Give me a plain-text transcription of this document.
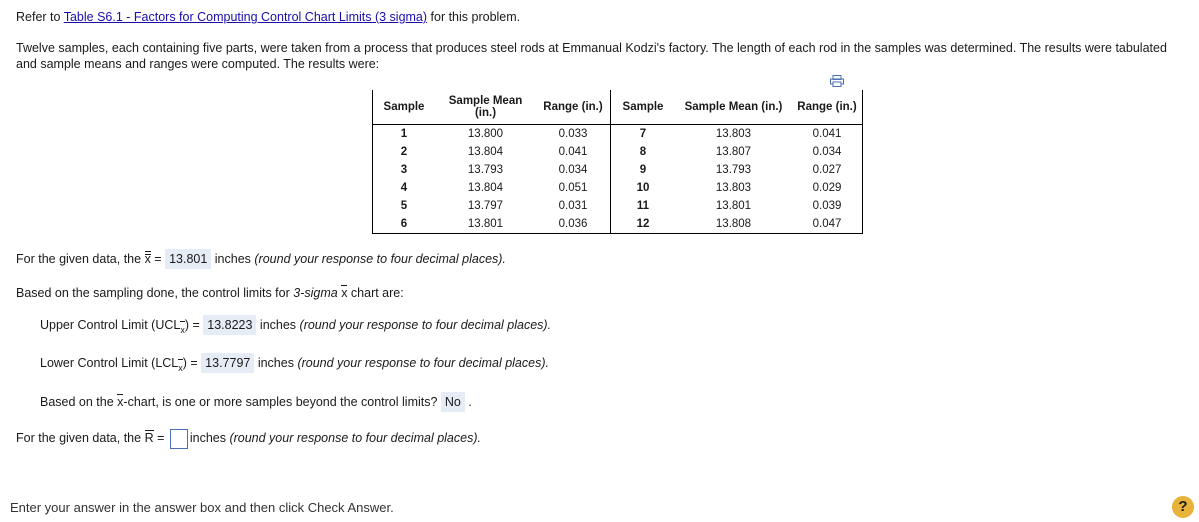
Refer to Table S6.1 - Factors for Computing Control Chart Limits (3 sigma) for this problem.
Twelve samples, each containing five parts, were taken from a process that produces steel rods at Emmanual Kodzi's factory. The length of each rod in the samples was determined. The results were tabulated and sample means and ranges were computed. The results were:
Sample	Sample Mean (in.)	Range (in.)	Sample	Sample Mean (in.)	Range (in.)
1	13.800	0.033	7	13.803	0.041
2	13.804	0.041	8	13.807	0.034
3	13.793	0.034	9	13.793	0.027
4	13.804	0.051	10	13.803	0.029
5	13.797	0.031	11	13.801	0.039
6	13.801	0.036	12	13.808	0.047
For the given data, the x = 13.801 inches (round your response to four decimal places).
Based on the sampling done, the control limits for 3-sigma x chart are:
Upper Control Limit $(UCL_x) = 13.8223$ inches (round your response to four decimal places).
Lower Control Limit $(LCL_x) = 13.7797$ inches (round your response to four decimal places).
Based on the x-chart, is one or more samples beyond the control limits? No .
For the given data, the R = inches (round your response to four decimal places).
Enter your answer in the answer box and then click Check Answer.	?
